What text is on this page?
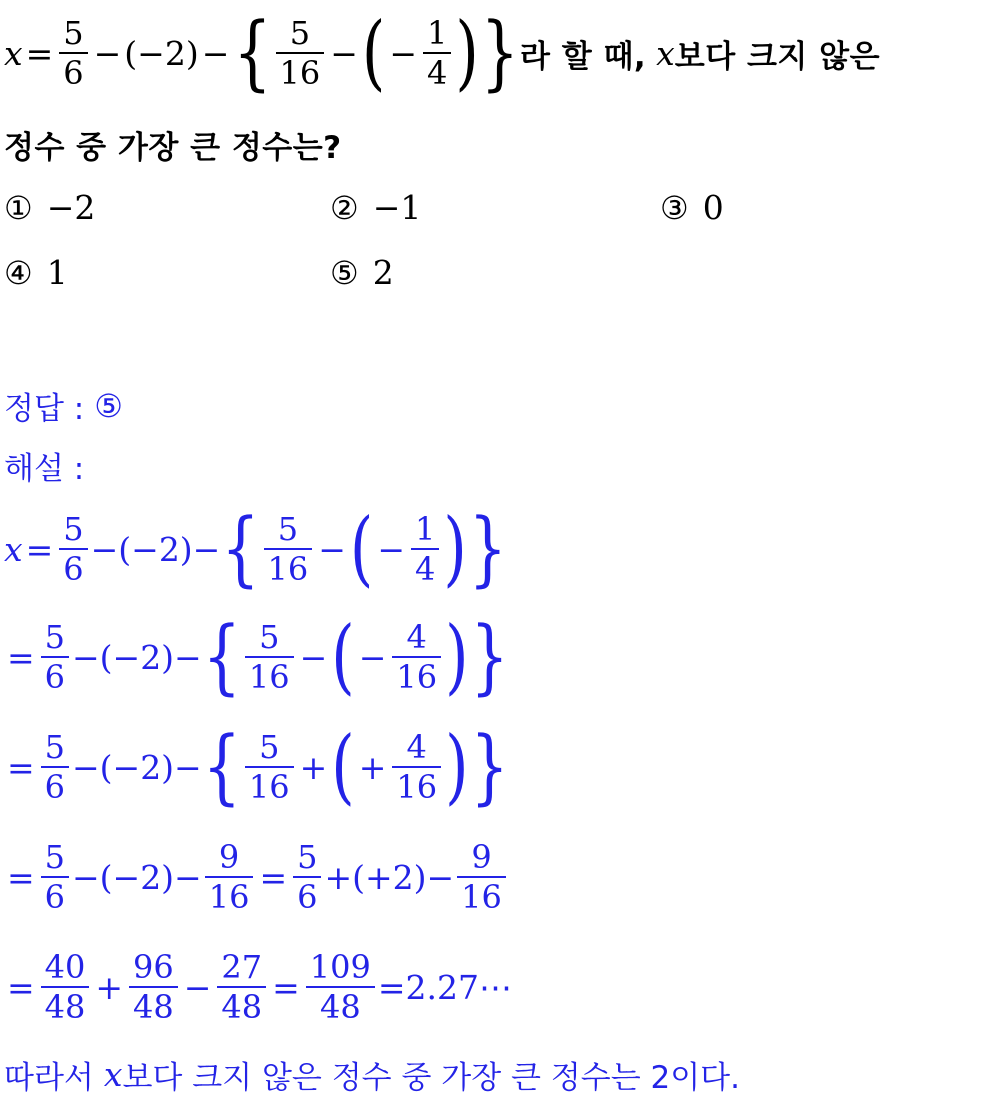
$x = \frac{5}{6}$ − ( −2 ) − { $\frac{5}{16}$ − ( − $\frac{1}{4}$ ) } 라 할 때, x 보다 크지 않은
정수 중 가장 큰 정수는?
① −2	② −1	③ 0
④ 1	⑤ 2
정답 : ⑤
해설 :
$x = \frac{5}{6} -(-2)-$ { $\frac{5}{16}$ − ( − $\frac{1}{4}$ ) }
= $\frac{5}{6} -(-2)-$ { $\frac{5}{16}$ − ( − $\frac{4}{16}$ ) }
= $\frac{5}{6} -(-2)-$ { $\frac{5}{16}$ + ( + $\frac{4}{16}$ ) }
= $\frac{5}{6} -(-2)- \frac{9}{16} = \frac{5}{6} +(+2)- \frac{9}{16}$
= $\frac{40}{48} + \frac{96}{48} - \frac{27}{48} = \frac{109}{48}$ =2.27⋯
따라서 x 보다 크지 않은 정수 중 가장 큰 정수는 2이다.
